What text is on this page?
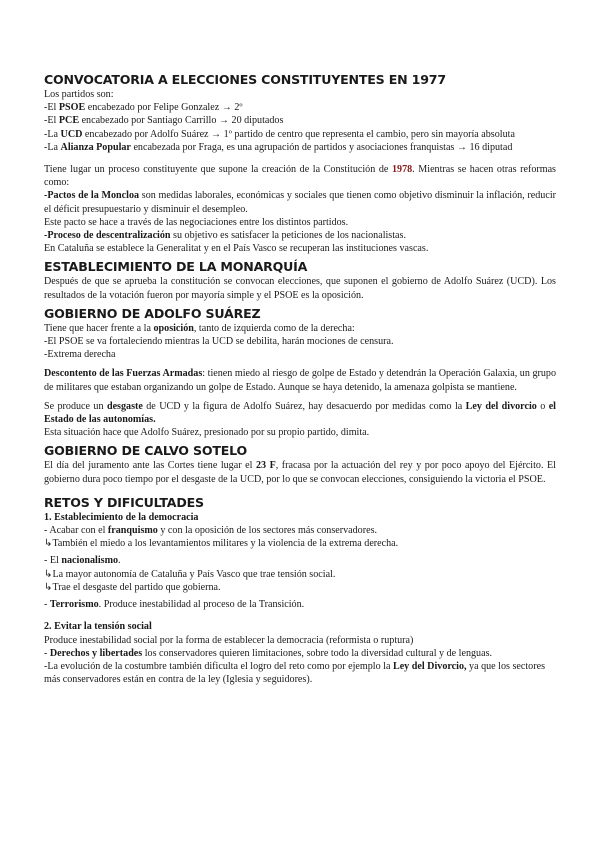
CONVOCATORIA A ELECCIONES CONSTITUYENTES EN 1977

Los partidos son:

-El PSOE encabezado por Felipe Gonzalez → 2º

-El PCE encabezado por Santiago Carrillo → 20 diputados

-La UCD encabezado por Adolfo Suárez → 1º partido de centro que representa el cambio, pero sin mayoría absoluta

-La Alianza Popular encabezada por Fraga, es una agrupación de partidos y asociaciones franquistas → 16 diputad

Tiene lugar un proceso constituyente que supone la creación de la Constitución de 1978. Mientras se hacen otras reformas como:

-Pactos de la Moncloa son medidas laborales, económicas y sociales que tienen como objetivo disminuir la inflación, reducir el déficit presupuestario y disminuir el desempleo.

Este pacto se hace a través de las negociaciones entre los distintos partidos.

-Proceso de descentralización su objetivo es satisfacer la peticiones de los nacionalistas.

En Cataluña se establece la Generalitat y en el País Vasco se recuperan las instituciones vascas.

ESTABLECIMIENTO DE LA MONARQUÍA

Después de que se aprueba la constitución se convocan elecciones, que suponen el gobierno de Adolfo Suárez (UCD). Los resultados de la votación fueron por mayoría simple y el PSOE es la oposición.

GOBIERNO DE ADOLFO SUÁREZ

Tiene que hacer frente a la oposición, tanto de izquierda como de la derecha:

-El PSOE se va fortaleciendo mientras la UCD se debilita, harán mociones de censura.

-Extrema derecha

Descontento de las Fuerzas Armadas: tienen miedo al riesgo de golpe de Estado y detendrán la Operación Galaxia, un grupo de militares que estaban organizando un golpe de Estado. Aunque se haya detenido, la amenaza golpista se mantiene.

Se produce un desgaste de UCD y la figura de Adolfo Suárez, hay desacuerdo por medidas como la Ley del divorcio o el Estado de las autonomías.

Esta situación hace que Adolfo Suárez, presionado por su propio partido, dimita.

GOBIERNO DE CALVO SOTELO

El día del juramento ante las Cortes tiene lugar el 23 F, fracasa por la actuación del rey y por poco apoyo del Ejército. El gobierno dura poco tiempo por el desgaste de la UCD, por lo que se convocan elecciones, consiguiendo la victoria el PSOE.

RETOS Y DIFICULTADES

1. Establecimiento de la democracia

- Acabar con el franquismo y con la oposición de los sectores más conservadores.

↳También el miedo a los levantamientos militares y la violencia de la extrema derecha.

- El nacionalismo.

↳La mayor autonomía de Cataluña y País Vasco que trae tensión social.

↳Trae el desgaste del partido que gobierna.

- Terrorismo. Produce inestabilidad al proceso de la Transición.

2. Evitar la tensión social

Produce inestabilidad social por la forma de establecer la democracia (reformista o ruptura)

- Derechos y libertades los conservadores quieren limitaciones, sobre todo la diversidad cultural y de lenguas.

-La evolución de la costumbre también dificulta el logro del reto como por ejemplo la Ley del Divorcio, ya que los sectores más conservadores están en contra de la ley (Iglesia y seguidores).
